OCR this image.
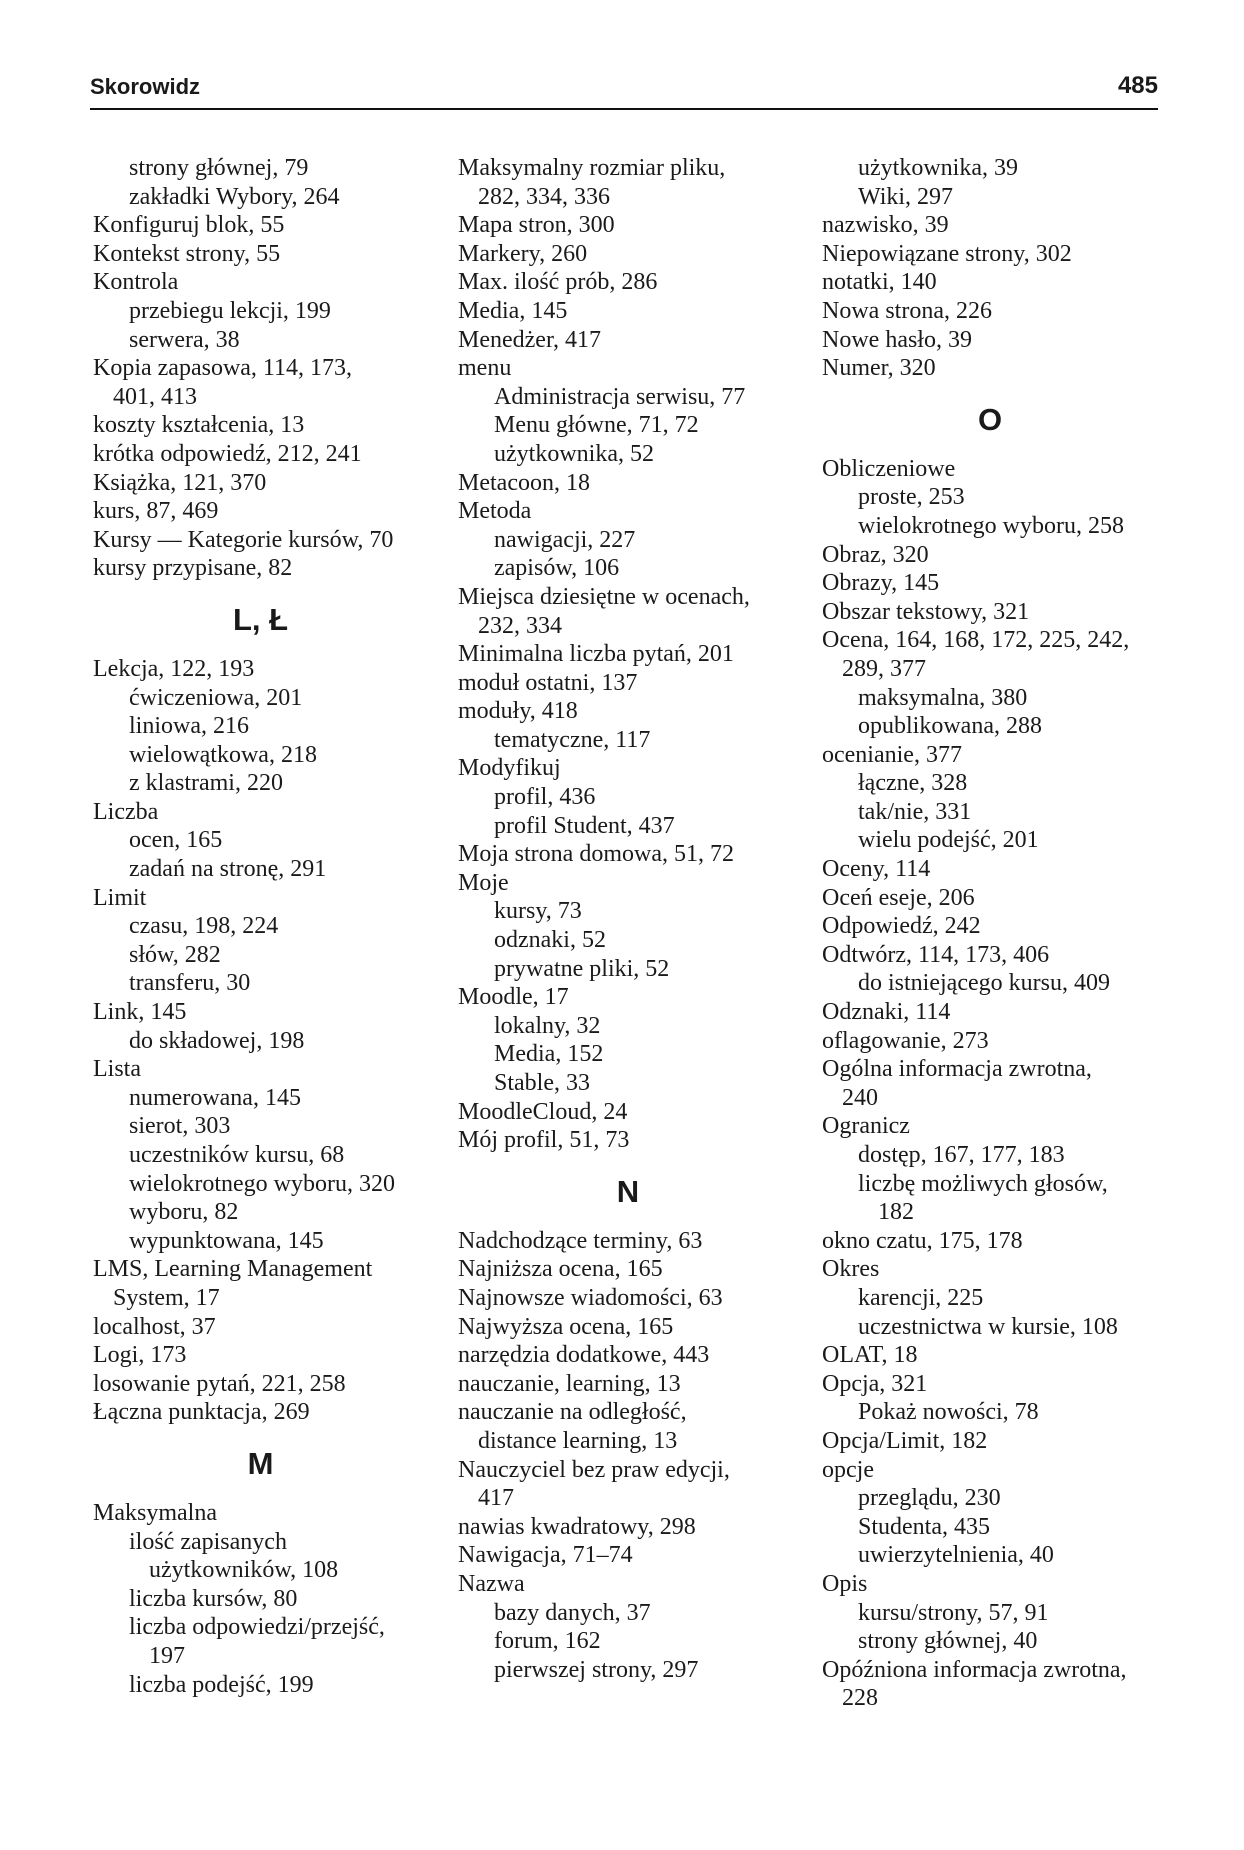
Skorowidz	485
strony głównej, 79
zakładki Wybory, 264
Konfiguruj blok, 55
Kontekst strony, 55
Kontrola
przebiegu lekcji, 199
serwera, 38
Kopia zapasowa, 114, 173,
401, 413
koszty kształcenia, 13
krótka odpowiedź, 212, 241
Książka, 121, 370
kurs, 87, 469
Kursy — Kategorie kursów, 70
kursy przypisane, 82
L, Ł
Lekcja, 122, 193
ćwiczeniowa, 201
liniowa, 216
wielowątkowa, 218
z klastrami, 220
Liczba
ocen, 165
zadań na stronę, 291
Limit
czasu, 198, 224
słów, 282
transferu, 30
Link, 145
do składowej, 198
Lista
numerowana, 145
sierot, 303
uczestników kursu, 68
wielokrotnego wyboru, 320
wyboru, 82
wypunktowana, 145
LMS, Learning Management
System, 17
localhost, 37
Logi, 173
losowanie pytań, 221, 258
Łączna punktacja, 269
M
Maksymalna
ilość zapisanych
użytkowników, 108
liczba kursów, 80
liczba odpowiedzi/przejść,
197
liczba podejść, 199
Maksymalny rozmiar pliku,
282, 334, 336
Mapa stron, 300
Markery, 260
Max. ilość prób, 286
Media, 145
Menedżer, 417
menu
Administracja serwisu, 77
Menu główne, 71, 72
użytkownika, 52
Metacoon, 18
Metoda
nawigacji, 227
zapisów, 106
Miejsca dziesiętne w ocenach,
232, 334
Minimalna liczba pytań, 201
moduł ostatni, 137
moduły, 418
tematyczne, 117
Modyfikuj
profil, 436
profil Student, 437
Moja strona domowa, 51, 72
Moje
kursy, 73
odznaki, 52
prywatne pliki, 52
Moodle, 17
lokalny, 32
Media, 152
Stable, 33
MoodleCloud, 24
Mój profil, 51, 73
N
Nadchodzące terminy, 63
Najniższa ocena, 165
Najnowsze wiadomości, 63
Najwyższa ocena, 165
narzędzia dodatkowe, 443
nauczanie, learning, 13
nauczanie na odległość,
distance learning, 13
Nauczyciel bez praw edycji,
417
nawias kwadratowy, 298
Nawigacja, 71–74
Nazwa
bazy danych, 37
forum, 162
pierwszej strony, 297
użytkownika, 39
Wiki, 297
nazwisko, 39
Niepowiązane strony, 302
notatki, 140
Nowa strona, 226
Nowe hasło, 39
Numer, 320
O
Obliczeniowe
proste, 253
wielokrotnego wyboru, 258
Obraz, 320
Obrazy, 145
Obszar tekstowy, 321
Ocena, 164, 168, 172, 225, 242,
289, 377
maksymalna, 380
opublikowana, 288
ocenianie, 377
łączne, 328
tak/nie, 331
wielu podejść, 201
Oceny, 114
Oceń eseje, 206
Odpowiedź, 242
Odtwórz, 114, 173, 406
do istniejącego kursu, 409
Odznaki, 114
oflagowanie, 273
Ogólna informacja zwrotna,
240
Ogranicz
dostęp, 167, 177, 183
liczbę możliwych głosów,
182
okno czatu, 175, 178
Okres
karencji, 225
uczestnictwa w kursie, 108
OLAT, 18
Opcja, 321
Pokaż nowości, 78
Opcja/Limit, 182
opcje
przeglądu, 230
Studenta, 435
uwierzytelnienia, 40
Opis
kursu/strony, 57, 91
strony głównej, 40
Opóźniona informacja zwrotna,
228
